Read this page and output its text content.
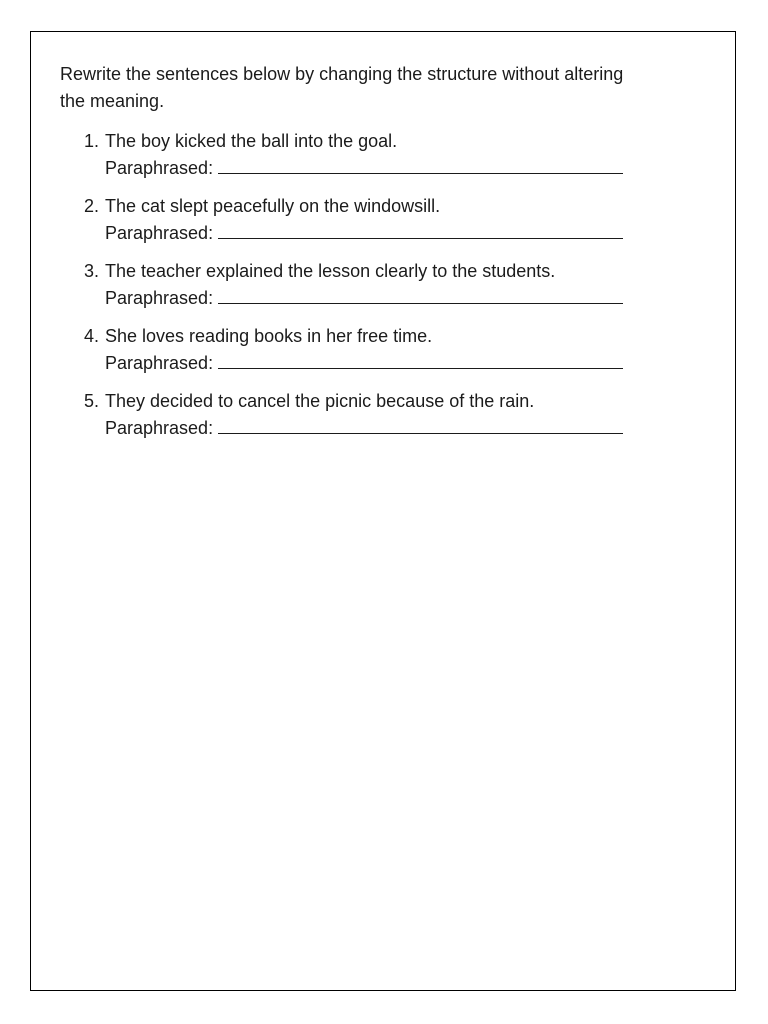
Rewrite the sentences below by changing the structure without altering the meaning.

1. The boy kicked the ball into the goal.
Paraphrased:
2. The cat slept peacefully on the windowsill.
Paraphrased:
3. The teacher explained the lesson clearly to the students.
Paraphrased:
4. She loves reading books in her free time.
Paraphrased:
5. They decided to cancel the picnic because of the rain.
Paraphrased:
